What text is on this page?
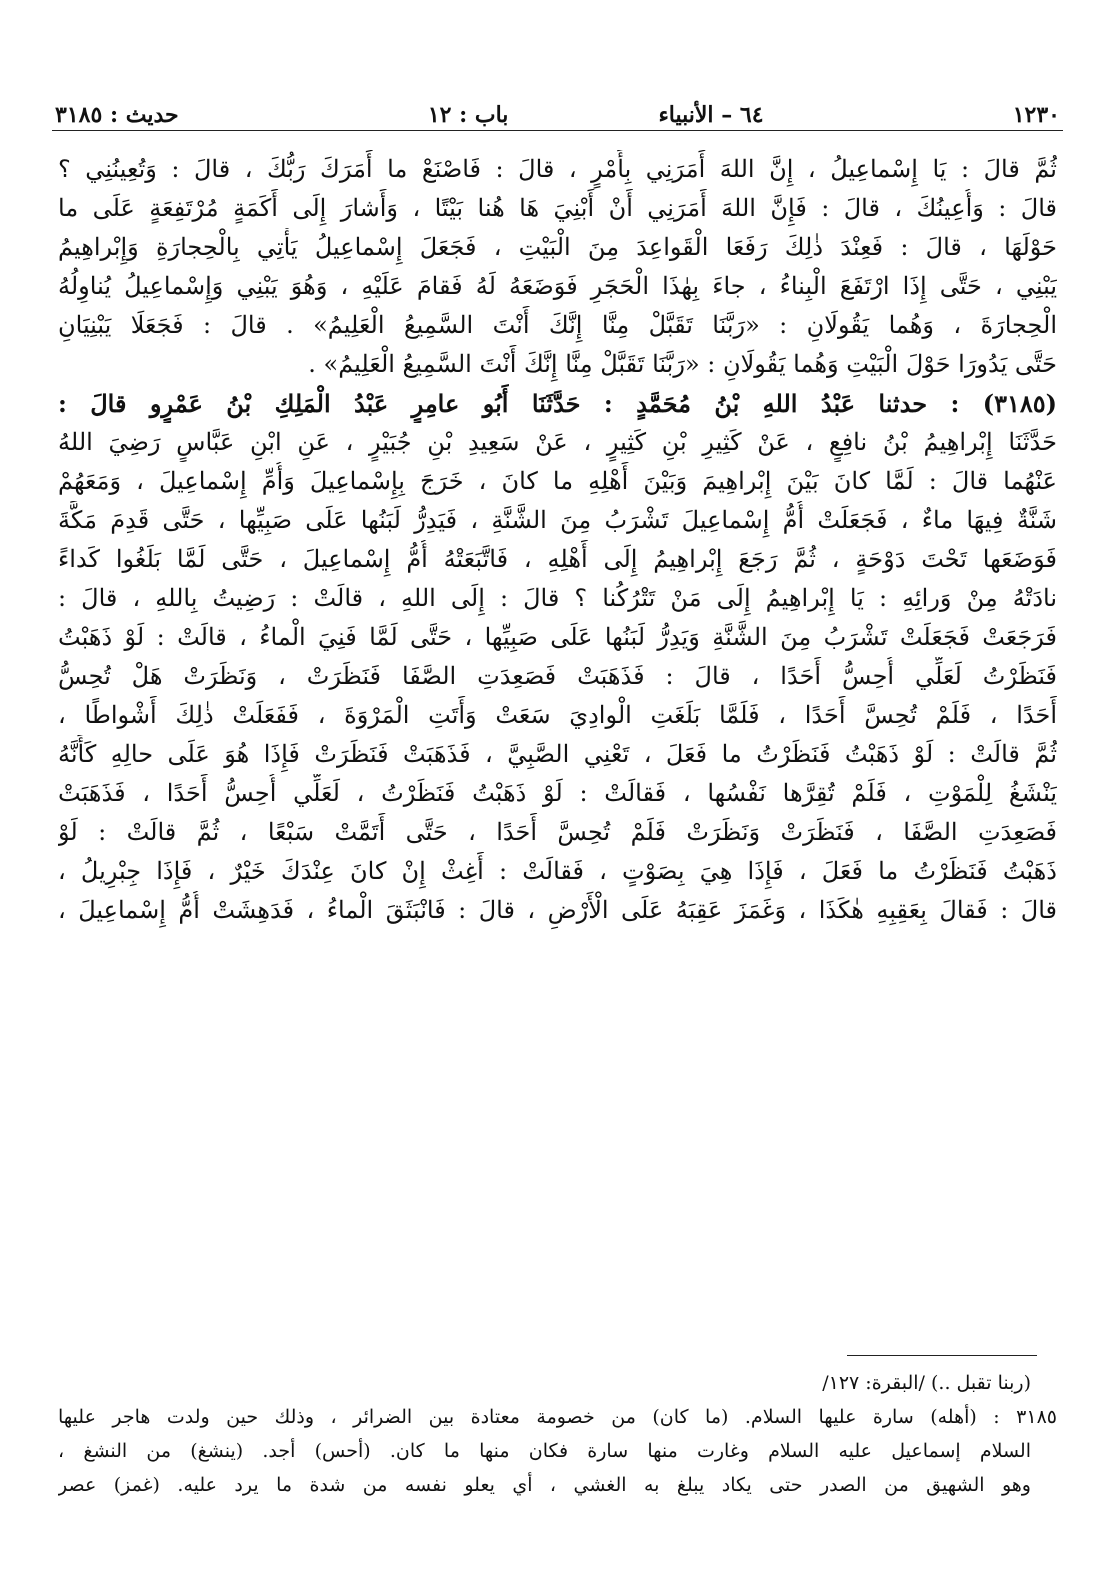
١٢٣٠
٦٤ – الأنبياء
باب : ١٢
حديث : ٣١٨٥
ثُمَّ قالَ : يَا إِسْماعِيلُ ، إِنَّ اللهَ أَمَرَنِي بِأَمْرٍ ، قالَ : فَاصْنَعْ ما أَمَرَكَ رَبُّكَ ، قالَ : وَتُعِينُنِي ؟
قالَ : وَأُعِينُكَ ، قالَ : فَإِنَّ اللهَ أَمَرَنِي أَنْ أَبْنِيَ هَا هُنا بَيْتًا ، وَأَشارَ إِلَى أَكَمَةٍ مُرْتَفِعَةٍ عَلَى ما
حَوْلَهَا ، قالَ : فَعِنْدَ ذٰلِكَ رَفَعَا الْقَواعِدَ مِنَ الْبَيْتِ ، فَجَعَلَ إِسْماعِيلُ يَأْتِي بِالْحِجارَةِ وَإِبْراهِيمُ
يَبْنِي ، حَتَّى إِذَا ارْتَفَعَ الْبِناءُ ، جاءَ بِهٰذَا الْحَجَرِ فَوَضَعَهُ لَهُ فَقامَ عَلَيْهِ ، وَهُوَ يَبْنِي وَإِسْماعِيلُ يُناوِلُهُ
الْحِجارَةَ ، وَهُما يَقُولَانِ : «رَبَّنَا تَقَبَّلْ مِنَّا إِنَّكَ أَنْتَ السَّمِيعُ الْعَلِيمُ» . قالَ : فَجَعَلَا يَبْنِيَانِ
حَتَّى يَدُورَا حَوْلَ الْبَيْتِ وَهُما يَقُولَانِ : «رَبَّنَا تَقَبَّلْ مِنَّا إِنَّكَ أَنْتَ السَّمِيعُ الْعَلِيمُ» .
(٣١٨٥) : حدثنا عَبْدُ اللهِ بْنُ مُحَمَّدٍ : حَدَّثَنَا أَبُو عامِرٍ عَبْدُ الْمَلِكِ بْنُ عَمْرٍو قالَ :
حَدَّثَنَا إِبْراهِيمُ بْنُ نافِعٍ ، عَنْ كَثِيرِ بْنِ كَثِيرٍ ، عَنْ سَعِيدِ بْنِ جُبَيْرٍ ، عَنِ ابْنِ عَبَّاسٍ رَضِيَ اللهُ
عَنْهُما قالَ : لَمَّا كانَ بَيْنَ إِبْراهِيمَ وَبَيْنَ أَهْلِهِ ما كانَ ، خَرَجَ بِإِسْماعِيلَ وَأُمِّ إِسْماعِيلَ ، وَمَعَهُمْ
شَنَّةٌ فِيهَا ماءٌ ، فَجَعَلَتْ أُمُّ إِسْماعِيلَ تَشْرَبُ مِنَ الشَّنَّةِ ، فَيَدِرُّ لَبَنُها عَلَى صَبِيِّها ، حَتَّى قَدِمَ مَكَّةَ
فَوَضَعَها تَحْتَ دَوْحَةٍ ، ثُمَّ رَجَعَ إِبْراهِيمُ إِلَى أَهْلِهِ ، فَاتَّبَعَتْهُ أُمُّ إِسْماعِيلَ ، حَتَّى لَمَّا بَلَغُوا كَداءً
نادَتْهُ مِنْ وَرائِهِ : يَا إِبْراهِيمُ إِلَى مَنْ تَتْرُكُنا ؟ قالَ : إِلَى اللهِ ، قالَتْ : رَضِيتُ بِاللهِ ، قالَ :
فَرَجَعَتْ فَجَعَلَتْ تَشْرَبُ مِنَ الشَّنَّةِ وَيَدِرُّ لَبَنُها عَلَى صَبِيِّها ، حَتَّى لَمَّا فَنِيَ الْماءُ ، قالَتْ : لَوْ ذَهَبْتُ
فَنَظَرْتُ لَعَلِّي أُحِسُّ أَحَدًا ، قالَ : فَذَهَبَتْ فَصَعِدَتِ الصَّفَا فَنَظَرَتْ ، وَنَظَرَتْ هَلْ تُحِسُّ
أَحَدًا ، فَلَمْ تُحِسَّ أَحَدًا ، فَلَمَّا بَلَغَتِ الْوادِيَ سَعَتْ وَأَتَتِ الْمَرْوَةَ ، فَفَعَلَتْ ذٰلِكَ أَشْواطًا ،
ثُمَّ قالَتْ : لَوْ ذَهَبْتُ فَنَظَرْتُ ما فَعَلَ ، تَعْنِي الصَّبِيَّ ، فَذَهَبَتْ فَنَظَرَتْ فَإِذَا هُوَ عَلَى حالِهِ كَأَنَّهُ
يَنْشَغُ لِلْمَوْتِ ، فَلَمْ تُقِرَّها نَفْسُها ، فَقالَتْ : لَوْ ذَهَبْتُ فَنَظَرْتُ ، لَعَلِّي أُحِسُّ أَحَدًا ، فَذَهَبَتْ
فَصَعِدَتِ الصَّفَا ، فَنَظَرَتْ وَنَظَرَتْ فَلَمْ تُحِسَّ أَحَدًا ، حَتَّى أَتَمَّتْ سَبْعًا ، ثُمَّ قالَتْ : لَوْ
ذَهَبْتُ فَنَظَرْتُ ما فَعَلَ ، فَإِذَا هِيَ بِصَوْتٍ ، فَقالَتْ : أَغِثْ إِنْ كانَ عِنْدَكَ خَيْرٌ ، فَإِذَا جِبْرِيلُ ،
قالَ : فَقالَ بِعَقِبِهِ هٰكَذَا ، وَغَمَزَ عَقِبَهُ عَلَى الْأَرْضِ ، قالَ : فَانْبَثَقَ الْماءُ ، فَدَهِشَتْ أُمُّ إِسْماعِيلَ ،
(ربنا تقبل ..) /البقرة: ١٢٧/
٣١٨٥ : (أهله) سارة عليها السلام. (ما كان) من خصومة معتادة بين الضرائر ، وذلك حين ولدت هاجر عليها
السلام إسماعيل عليه السلام وغارت منها سارة فكان منها ما كان. (أحس) أجد. (ينشغ) من النشغ ،
وهو الشهيق من الصدر حتى يكاد يبلغ به الغشي ، أي يعلو نفسه من شدة ما يرد عليه. (غمز) عصر
